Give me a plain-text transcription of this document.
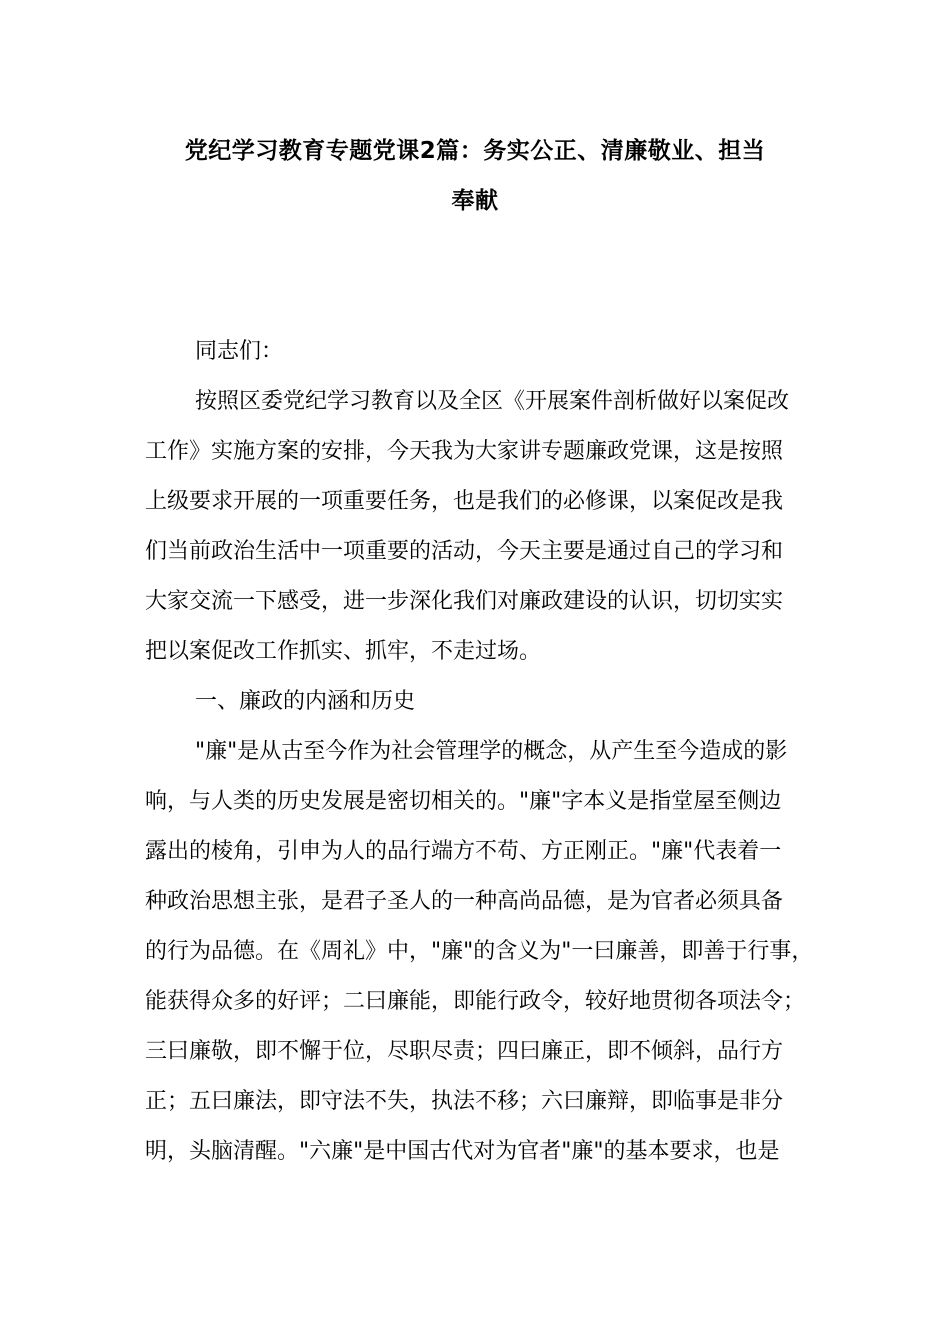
党纪学习教育专题党课2篇：务实公正、清廉敬业、担当
奉献
同志们：
按照区委党纪学习教育以及全区《开展案件剖析做好以案促改
工作》实施方案的安排，今天我为大家讲专题廉政党课，这是按照
上级要求开展的一项重要任务，也是我们的必修课，以案促改是我
们当前政治生活中一项重要的活动，今天主要是通过自己的学习和
大家交流一下感受，进一步深化我们对廉政建设的认识，切切实实
把以案促改工作抓实、抓牢，不走过场。
一、廉政的内涵和历史
"廉"是从古至今作为社会管理学的概念，从产生至今造成的影
响，与人类的历史发展是密切相关的。"廉"字本义是指堂屋至侧边
露出的棱角，引申为人的品行端方不苟、方正刚正。"廉"代表着一
种政治思想主张，是君子圣人的一种高尚品德，是为官者必须具备
的行为品德。在《周礼》中，"廉"的含义为"一曰廉善，即善于行事，
能获得众多的好评；二曰廉能，即能行政令，较好地贯彻各项法令；
三曰廉敬，即不懈于位，尽职尽责；四曰廉正，即不倾斜，品行方
正；五曰廉法，即守法不失，执法不移；六曰廉辩，即临事是非分
明，头脑清醒。"六廉"是中国古代对为官者"廉"的基本要求，也是
